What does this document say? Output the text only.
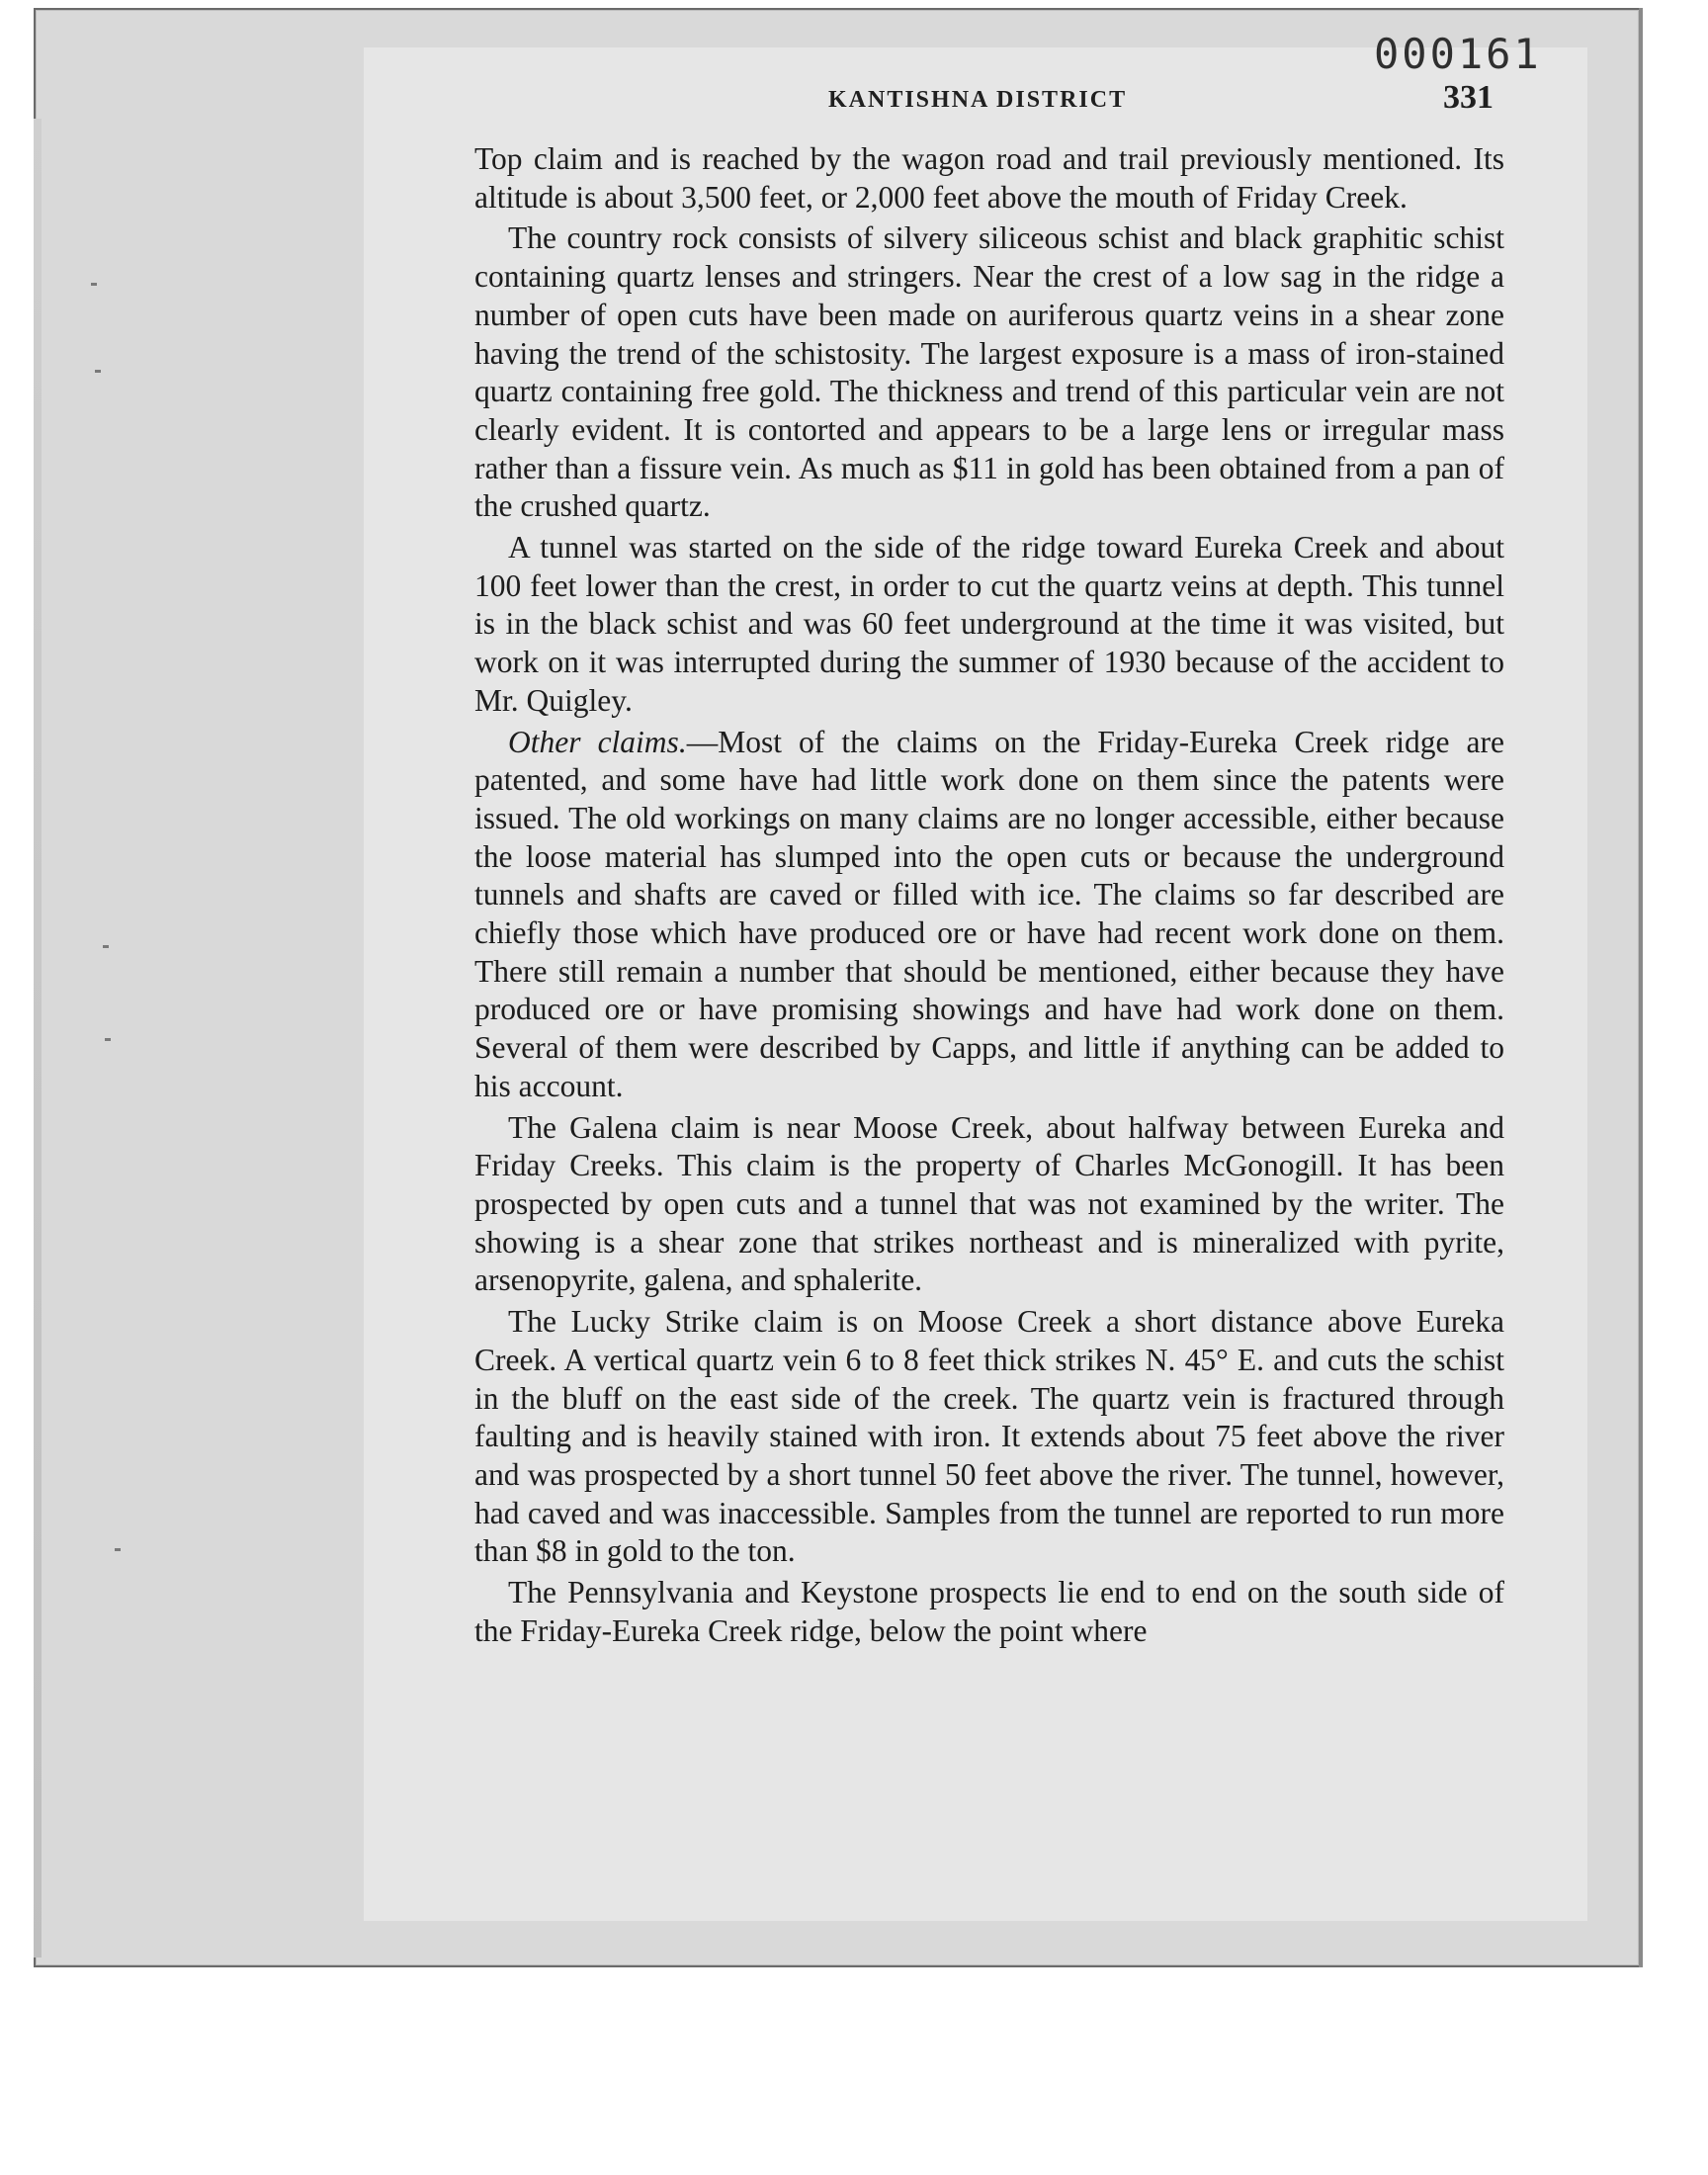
000161
KANTISHNA DISTRICT	331

Top claim and is reached by the wagon road and trail previously mentioned. Its altitude is about 3,500 feet, or 2,000 feet above the mouth of Friday Creek.

The country rock consists of silvery siliceous schist and black graphitic schist containing quartz lenses and stringers. Near the crest of a low sag in the ridge a number of open cuts have been made on auriferous quartz veins in a shear zone having the trend of the schistosity. The largest exposure is a mass of iron-stained quartz containing free gold. The thickness and trend of this particular vein are not clearly evident. It is contorted and appears to be a large lens or irregular mass rather than a fissure vein. As much as $11 in gold has been obtained from a pan of the crushed quartz.

A tunnel was started on the side of the ridge toward Eureka Creek and about 100 feet lower than the crest, in order to cut the quartz veins at depth. This tunnel is in the black schist and was 60 feet underground at the time it was visited, but work on it was interrupted during the summer of 1930 because of the accident to Mr. Quigley.

Other claims.—Most of the claims on the Friday-Eureka Creek ridge are patented, and some have had little work done on them since the patents were issued. The old workings on many claims are no longer accessible, either because the loose material has slumped into the open cuts or because the underground tunnels and shafts are caved or filled with ice. The claims so far described are chiefly those which have produced ore or have had recent work done on them. There still remain a number that should be mentioned, either because they have produced ore or have promising showings and have had work done on them. Several of them were described by Capps, and little if anything can be added to his account.

The Galena claim is near Moose Creek, about halfway between Eureka and Friday Creeks. This claim is the property of Charles McGonogill. It has been prospected by open cuts and a tunnel that was not examined by the writer. The showing is a shear zone that strikes northeast and is mineralized with pyrite, arsenopyrite, galena, and sphalerite.

The Lucky Strike claim is on Moose Creek a short distance above Eureka Creek. A vertical quartz vein 6 to 8 feet thick strikes N. 45° E. and cuts the schist in the bluff on the east side of the creek. The quartz vein is fractured through faulting and is heavily stained with iron. It extends about 75 feet above the river and was prospected by a short tunnel 50 feet above the river. The tunnel, however, had caved and was inaccessible. Samples from the tunnel are reported to run more than $8 in gold to the ton.

The Pennsylvania and Keystone prospects lie end to end on the south side of the Friday-Eureka Creek ridge, below the point where
